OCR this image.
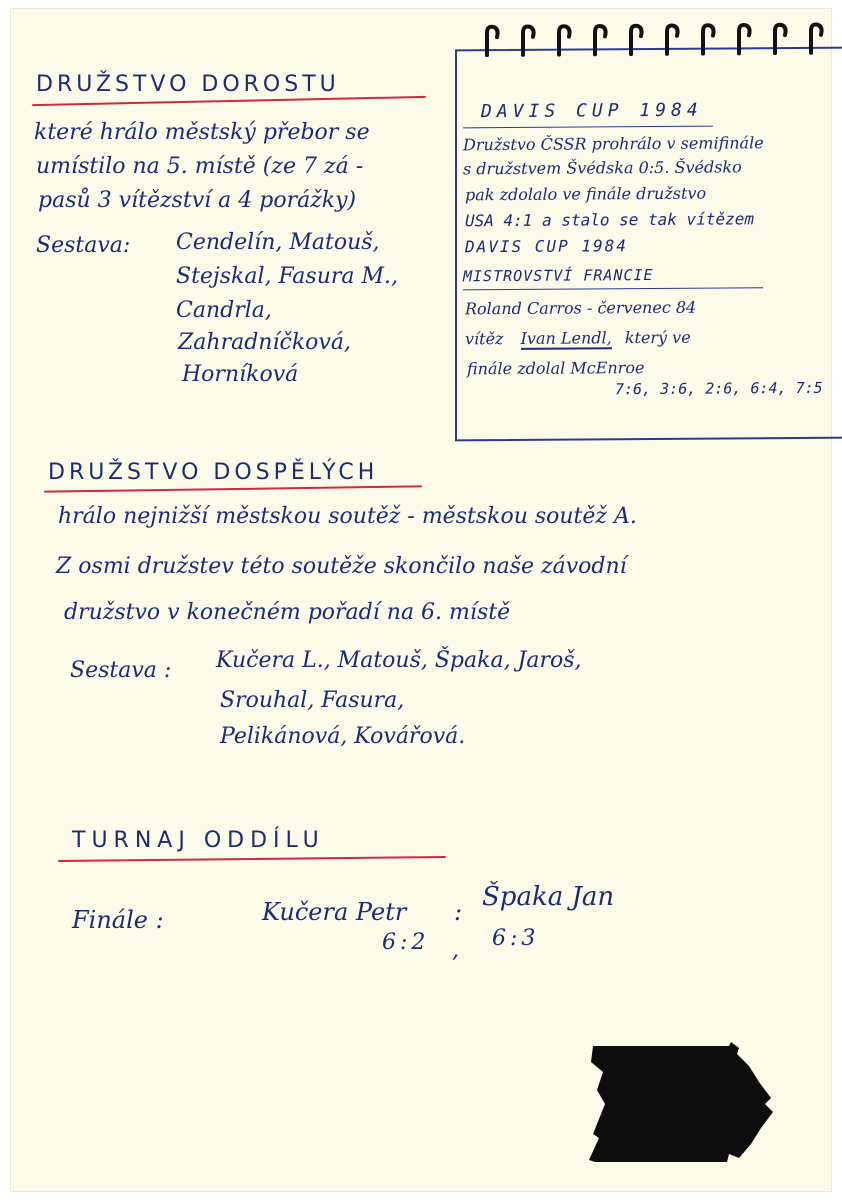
DRUŽSTVO DOROSTU
které hrálo městský přebor se
umístilo na 5. místě (ze 7 zá -
pasů 3 vítězství a 4 porážky)
Sestava: Cendelín, Matouš,
Stejskal, Fasura M.,
Candrla,
Zahradníčková,
Horníková
DAVIS CUP 1984
Družstvo ČSSR prohrálo v semifinále
s družstvem Švédska 0:5. Švédsko
pak zdolalo ve finále družstvo
USA 4:1 a stalo se tak vítězem
DAVIS CUP 1984
MISTROVSTVÍ FRANCIE
Roland Carros - červenec 84
vítěz Ivan Lendl, který ve
finále zdolal McEnroe
7:6, 3:6, 2:6, 6:4, 7:5
DRUŽSTVO DOSPĚLÝCH
hrálo nejnižší městskou soutěž - městskou soutěž A.
Z osmi družstev této soutěže skončilo naše závodní
družstvo v konečném pořadí na 6. místě
Sestava : Kučera L., Matouš, Špaka, Jaroš,
Srouhal, Fasura,
Pelikánová, Kovářová.
TURNAJ ODDÍLU
Finále :	Kučera Petr : Špaka Jan
6:2 , 6:3
